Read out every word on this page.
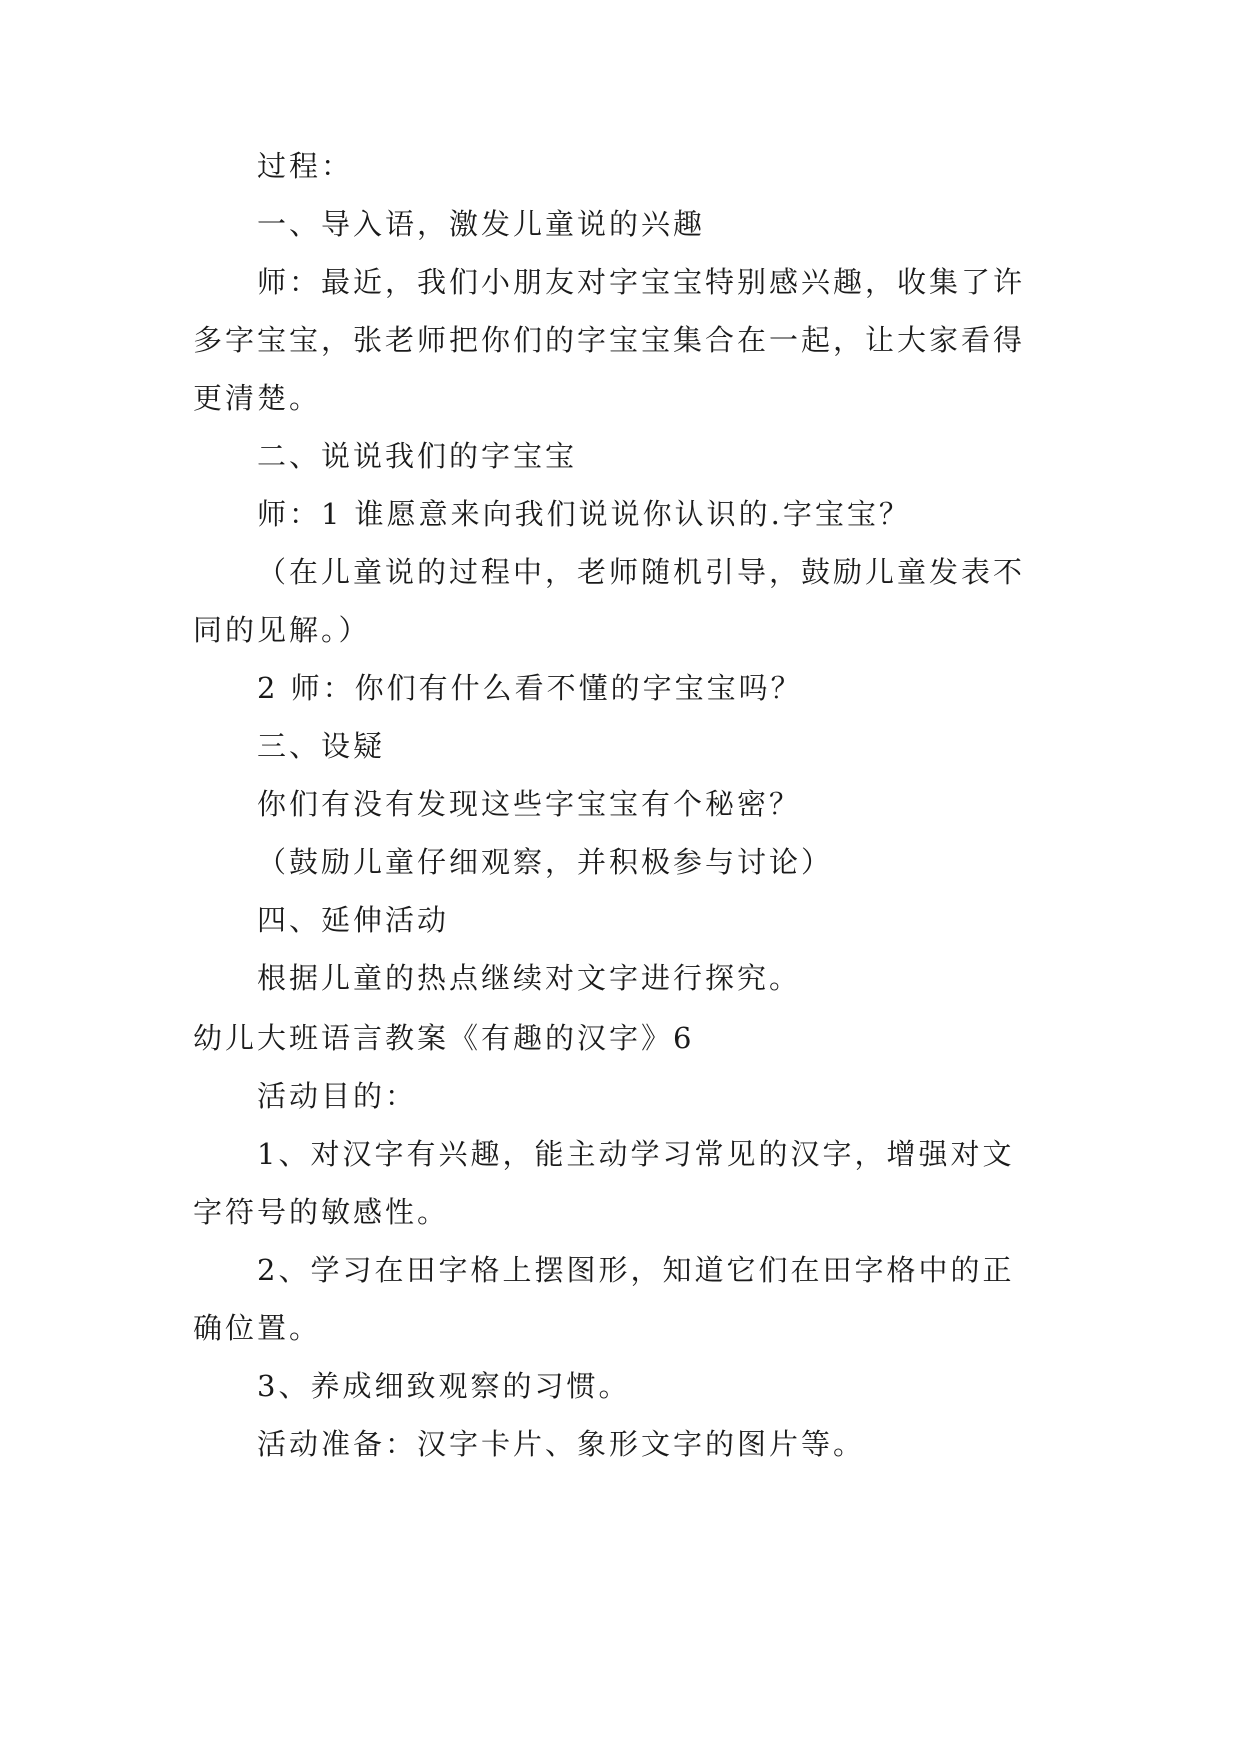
过程：
一、导入语，激发儿童说的兴趣
师：最近，我们小朋友对字宝宝特别感兴趣，收集了许
多字宝宝，张老师把你们的字宝宝集合在一起，让大家看得
更清楚。
二、说说我们的字宝宝
师：1 谁愿意来向我们说说你认识的.字宝宝？
（在儿童说的过程中，老师随机引导，鼓励儿童发表不
同的见解。）
2 师：你们有什么看不懂的字宝宝吗？
三、设疑
你们有没有发现这些字宝宝有个秘密？
（鼓励儿童仔细观察，并积极参与讨论）
四、延伸活动
根据儿童的热点继续对文字进行探究。
幼儿大班语言教案《有趣的汉字》6
活动目的：
1、对汉字有兴趣，能主动学习常见的汉字，增强对文
字符号的敏感性。
2、学习在田字格上摆图形，知道它们在田字格中的正
确位置。
3、养成细致观察的习惯。
活动准备：汉字卡片、象形文字的图片等。
